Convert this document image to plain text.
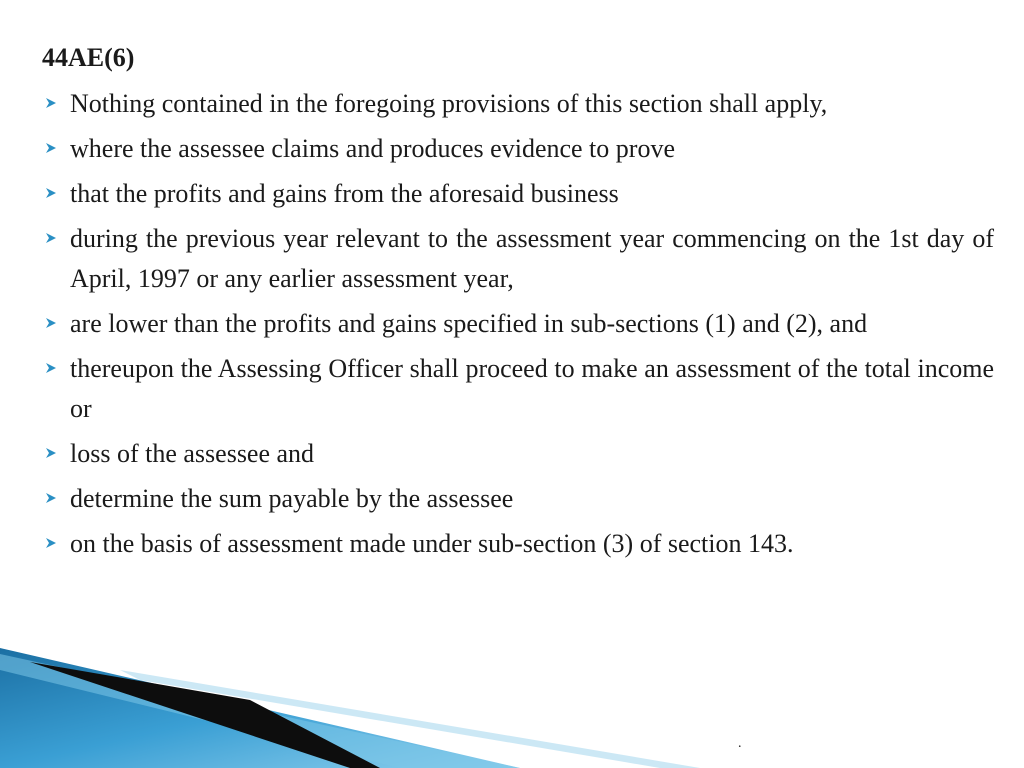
44AE(6)
Nothing contained in the foregoing provisions of this section shall apply,
where the assessee claims and produces evidence to prove
that the profits and gains from the aforesaid business
during the previous year relevant to the assessment year commencing on the 1st day of April, 1997 or any earlier assessment year,
are lower than the profits and gains specified in sub-sections (1) and (2), and
thereupon the Assessing Officer shall proceed to make an assessment of the total income or
loss of the assessee and
determine the sum payable by the assessee
on the basis of assessment made under sub-section (3) of section 143.
.
